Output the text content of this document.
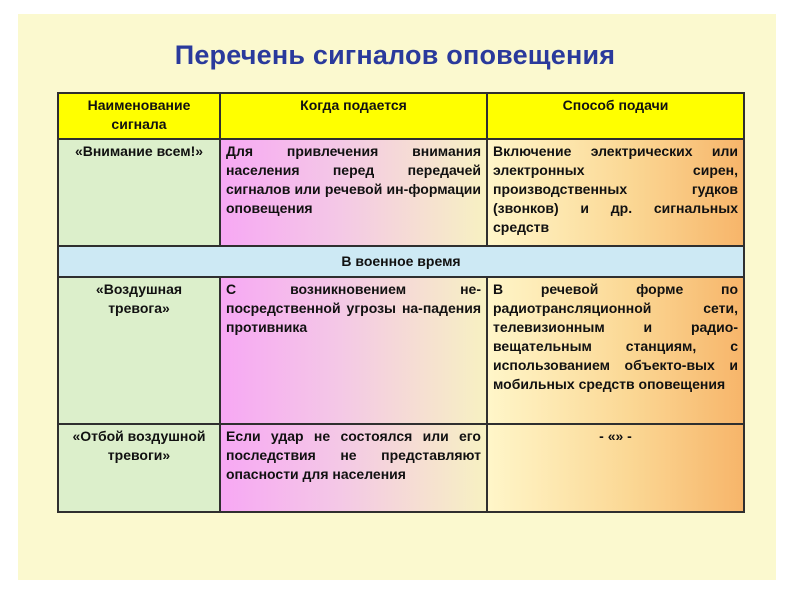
Перечень сигналов оповещения
Наименование сигнала	Когда подается	Способ подачи
«Внимание всем!»	Для привлечения внимания населения перед передачей сигналов или речевой ин-формации оповещения	Включение электрических или электронных сирен, производственных гудков (звонков) и др. сигнальных средств
В военное время		
«Воздушная тревога»	С возникновением не-посредственной угрозы на-падения противника	В речевой форме по радиотрансляционной сети, телевизионным и радио-вещательным станциям, с использованием объекто-вых и мобильных средств оповещения
«Отбой воздушной тревоги»	Если удар не состоялся или его последствия не представляют опасности для населения	- «» -
